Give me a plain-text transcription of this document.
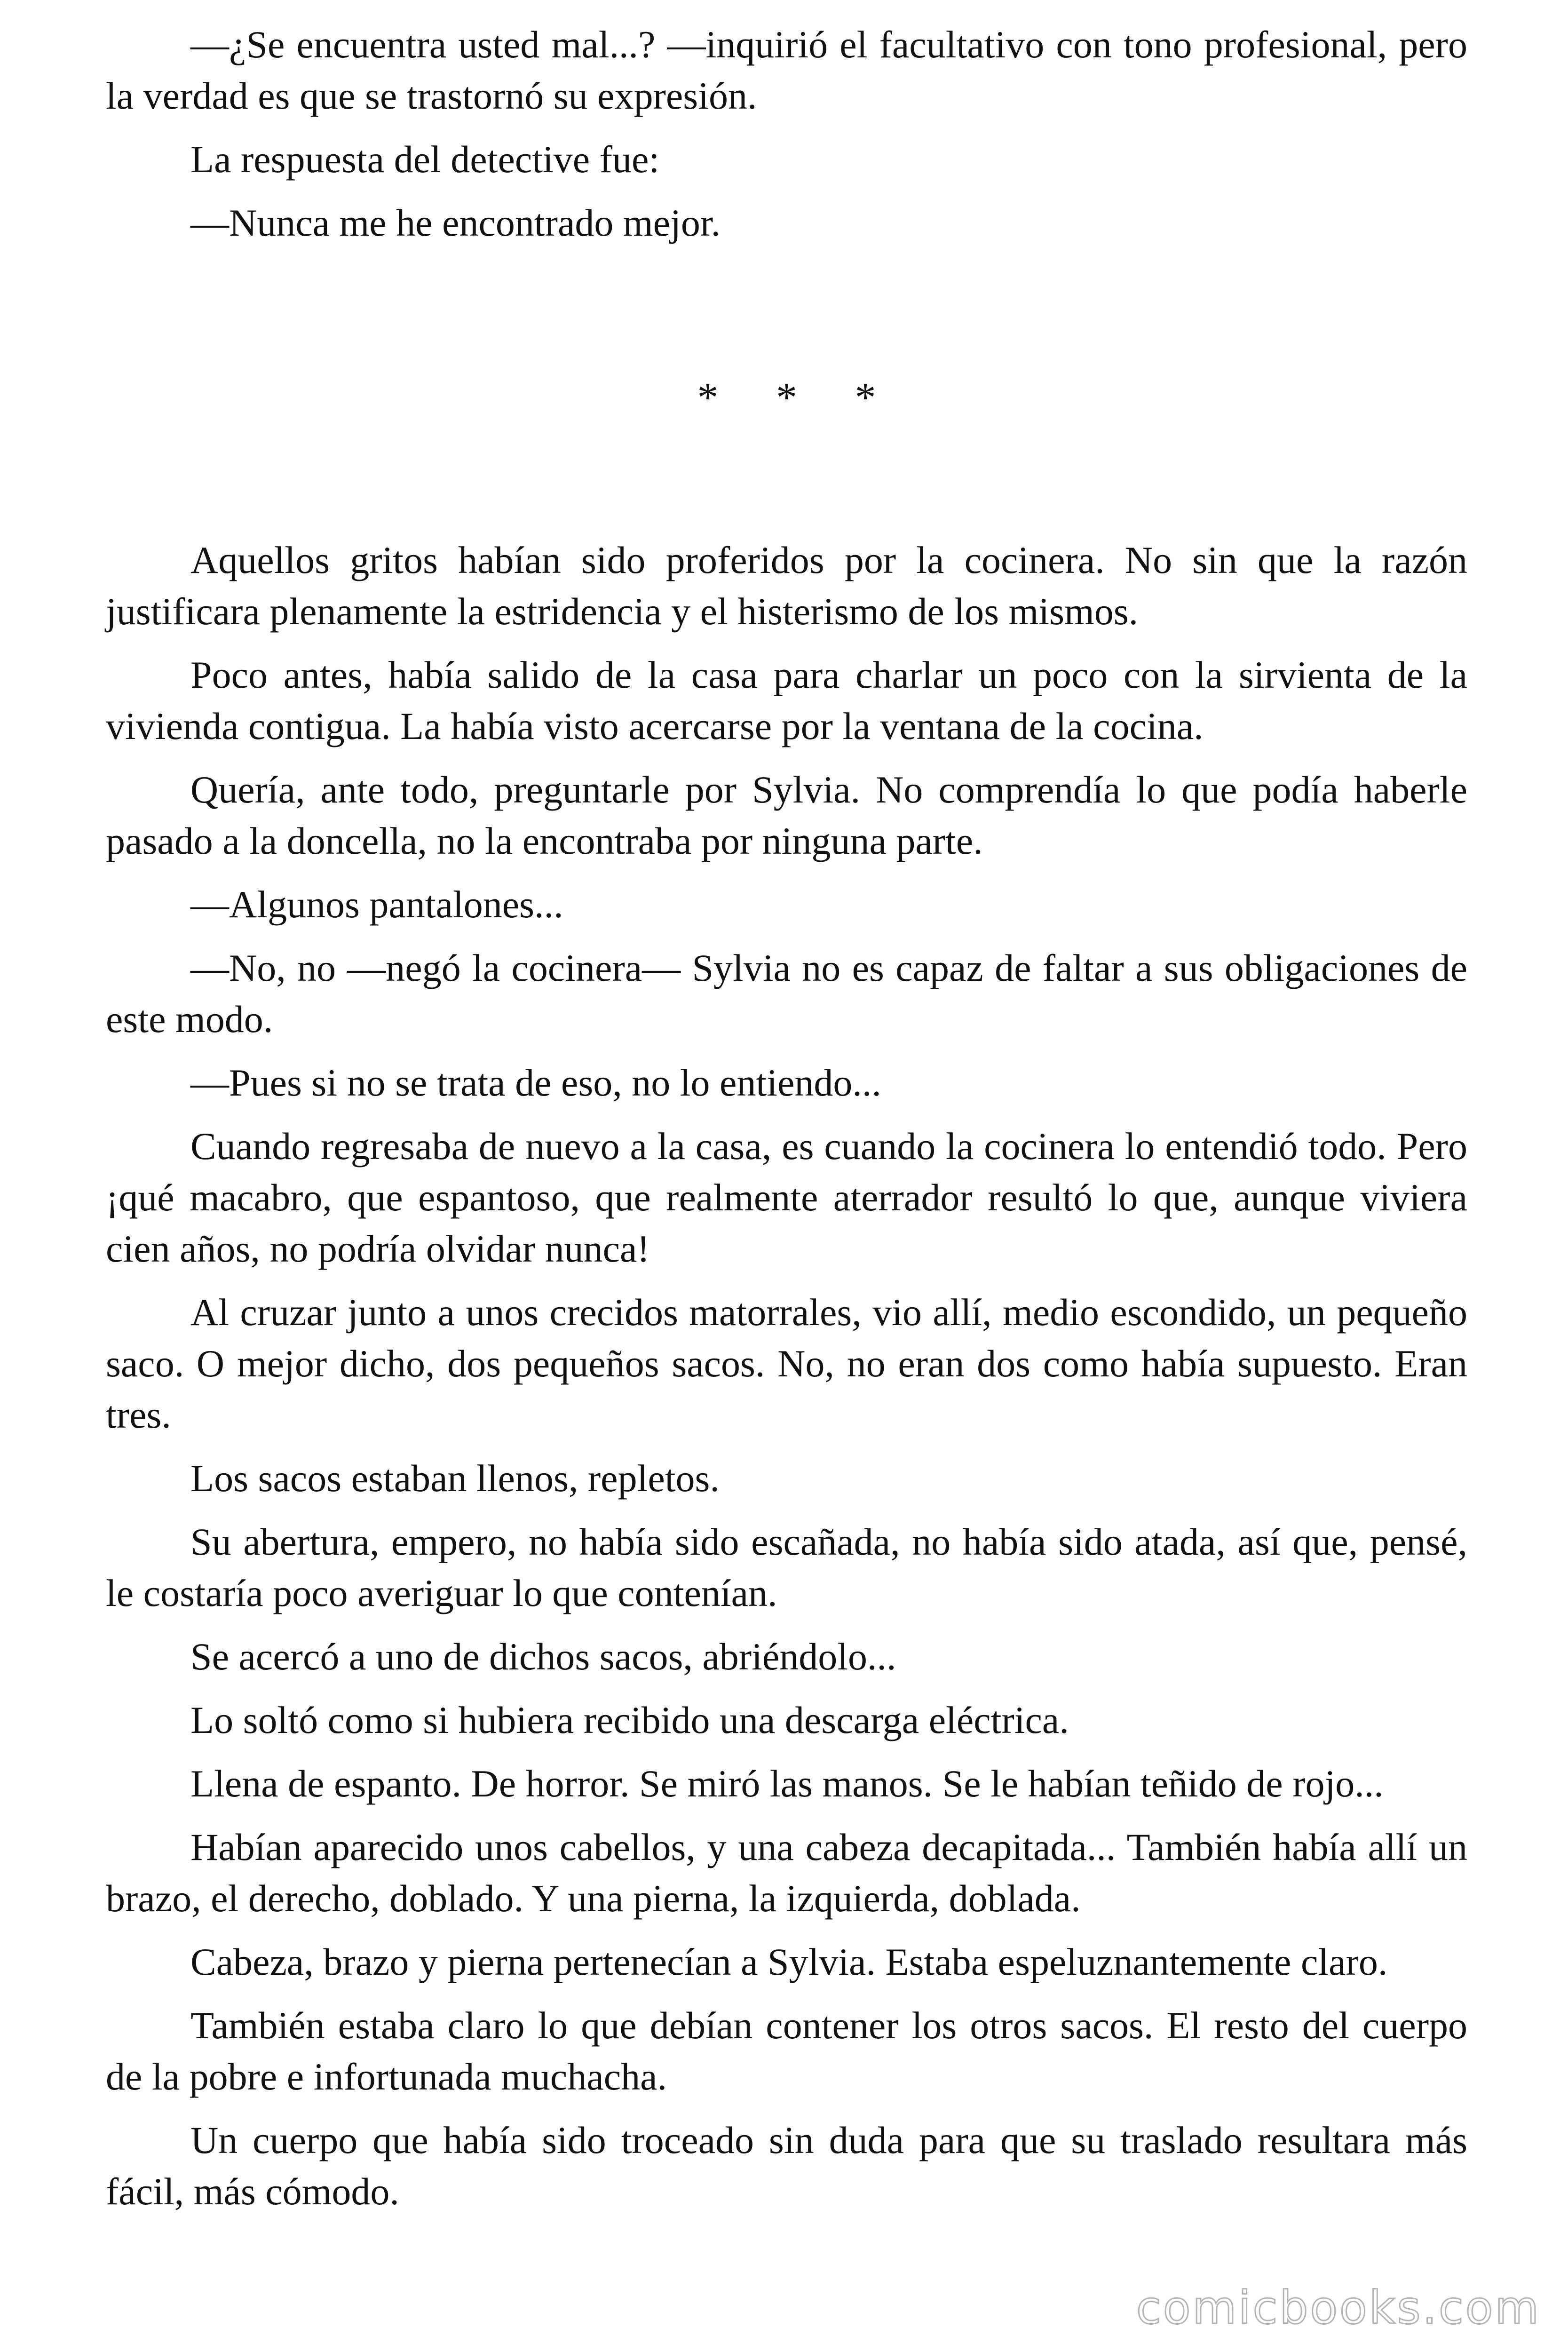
—¿Se encuentra usted mal...? —inquirió el facultativo con tono profesional, pero la verdad es que se trastornó su expresión.

La respuesta del detective fue:

—Nunca me he encontrado mejor.

* * *

Aquellos gritos habían sido proferidos por la cocinera. No sin que la razón justificara plenamente la estridencia y el histerismo de los mismos.

Poco antes, había salido de la casa para charlar un poco con la sirvienta de la vivienda contigua. La había visto acercarse por la ventana de la cocina.

Quería, ante todo, preguntarle por Sylvia. No comprendía lo que podía haberle pasado a la doncella, no la encontraba por ninguna parte.

—Algunos pantalones...

—No, no —negó la cocinera— Sylvia no es capaz de faltar a sus obligaciones de este modo.

—Pues si no se trata de eso, no lo entiendo...

Cuando regresaba de nuevo a la casa, es cuando la cocinera lo entendió todo. Pero ¡qué macabro, que espantoso, que realmente aterrador resultó lo que, aunque viviera cien años, no podría olvidar nunca!

Al cruzar junto a unos crecidos matorrales, vio allí, medio escondido, un pequeño saco. O mejor dicho, dos pequeños sacos. No, no eran dos como había supuesto. Eran tres.

Los sacos estaban llenos, repletos.

Su abertura, empero, no había sido escañada, no había sido atada, así que, pensé, le costaría poco averiguar lo que contenían.

Se acercó a uno de dichos sacos, abriéndolo...

Lo soltó como si hubiera recibido una descarga eléctrica.

Llena de espanto. De horror. Se miró las manos. Se le habían teñido de rojo...

Habían aparecido unos cabellos, y una cabeza decapitada... También había allí un brazo, el derecho, doblado. Y una pierna, la izquierda, doblada.

Cabeza, brazo y pierna pertenecían a Sylvia. Estaba espeluznantemente claro.

También estaba claro lo que debían contener los otros sacos. El resto del cuerpo de la pobre e infortunada muchacha.

Un cuerpo que había sido troceado sin duda para que su traslado resultara más fácil, más cómodo.

comicbooks.com
